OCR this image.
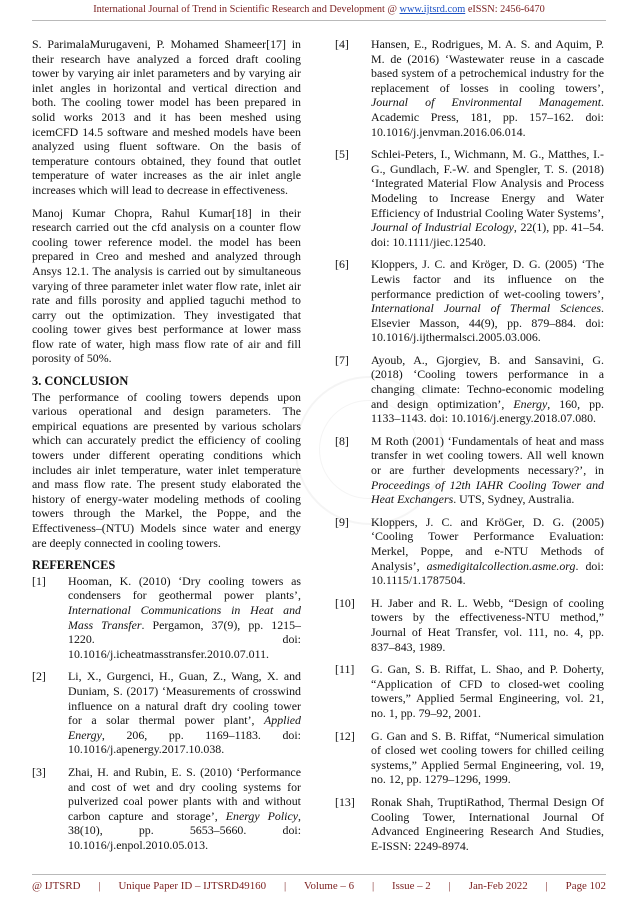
International Journal of Trend in Scientific Research and Development @ www.ijtsrd.com eISSN: 2456-6470

S. ParimalaMurugaveni, P. Mohamed Shameer[17] in their research have analyzed a forced draft cooling tower by varying air inlet parameters and by varying air inlet angles in horizontal and vertical direction and both. The cooling tower model has been prepared in solid works 2013 and it has been meshed using icemCFD 14.5 software and meshed models have been analyzed using fluent software. On the basis of temperature contours obtained, they found that outlet temperature of water increases as the air inlet angle increases which will lead to decrease in effectiveness.

Manoj Kumar Chopra, Rahul Kumar[18] in their research carried out the cfd analysis on a counter flow cooling tower reference model. the model has been prepared in Creo and meshed and analyzed through Ansys 12.1. The analysis is carried out by simultaneous varying of three parameter inlet water flow rate, inlet air rate and fills porosity and applied taguchi method to carry out the optimization. They investigated that cooling tower gives best performance at lower mass flow rate of water, high mass flow rate of air and fill porosity of 50%.

3. CONCLUSION

The performance of cooling towers depends upon various operational and design parameters. The empirical equations are presented by various scholars which can accurately predict the efficiency of cooling towers under different operating conditions which includes air inlet temperature, water inlet temperature and mass flow rate. The present study elaborated the history of energy-water modeling methods of cooling towers through the Markel, the Poppe, and the Effectiveness–(NTU) Models since water and energy are deeply connected in cooling towers.

REFERENCES
[1]	Hooman, K. (2010) ‘Dry cooling towers as condensers for geothermal power plants’, International Communications in Heat and Mass Transfer. Pergamon, 37(9), pp. 1215–1220. doi: 10.1016/j.icheatmasstransfer.2010.07.011.
[2]	Li, X., Gurgenci, H., Guan, Z., Wang, X. and Duniam, S. (2017) ‘Measurements of crosswind influence on a natural draft dry cooling tower for a solar thermal power plant’, Applied Energy, 206, pp. 1169–1183. doi: 10.1016/j.apenergy.2017.10.038.
[3]	Zhai, H. and Rubin, E. S. (2010) ‘Performance and cost of wet and dry cooling systems for pulverized coal power plants with and without carbon capture and storage’, Energy Policy, 38(10), pp. 5653–5660. doi: 10.1016/j.enpol.2010.05.013.
[4]	Hansen, E., Rodrigues, M. A. S. and Aquim, P. M. de (2016) ‘Wastewater reuse in a cascade based system of a petrochemical industry for the replacement of losses in cooling towers’, Journal of Environmental Management. Academic Press, 181, pp. 157–162. doi: 10.1016/j.jenvman.2016.06.014.
[5]	Schlei-Peters, I., Wichmann, M. G., Matthes, I.-G., Gundlach, F.-W. and Spengler, T. S. (2018) ‘Integrated Material Flow Analysis and Process Modeling to Increase Energy and Water Efficiency of Industrial Cooling Water Systems’, Journal of Industrial Ecology, 22(1), pp. 41–54. doi: 10.1111/jiec.12540.
[6]	Kloppers, J. C. and Kröger, D. G. (2005) ‘The Lewis factor and its influence on the performance prediction of wet-cooling towers’, International Journal of Thermal Sciences. Elsevier Masson, 44(9), pp. 879–884. doi: 10.1016/j.ijthermalsci.2005.03.006.
[7]	Ayoub, A., Gjorgiev, B. and Sansavini, G. (2018) ‘Cooling towers performance in a changing climate: Techno-economic modeling and design optimization’, Energy, 160, pp. 1133–1143. doi: 10.1016/j.energy.2018.07.080.
[8]	M Roth (2001) ‘Fundamentals of heat and mass transfer in wet cooling towers. All well known or are further developments necessary?’, in Proceedings of 12th IAHR Cooling Tower and Heat Exchangers. UTS, Sydney, Australia.
[9]	Kloppers, J. C. and KröGer, D. G. (2005) ‘Cooling Tower Performance Evaluation: Merkel, Poppe, and e-NTU Methods of Analysis’, asmedigitalcollection.asme.org. doi: 10.1115/1.1787504.
[10]	H. Jaber and R. L. Webb, “Design of cooling towers by the effectiveness-NTU method,” Journal of Heat Transfer, vol. 111, no. 4, pp. 837–843, 1989.
[11]	G. Gan, S. B. Riffat, L. Shao, and P. Doherty, “Application of CFD to closed-wet cooling towers,” Applied 5ermal Engineering, vol. 21, no. 1, pp. 79–92, 2001.
[12]	G. Gan and S. B. Riffat, “Numerical simulation of closed wet cooling towers for chilled ceiling systems,” Applied 5ermal Engineering, vol. 19, no. 12, pp. 1279–1296, 1999.
[13]	Ronak Shah, TruptiRathod, Thermal Design Of Cooling Tower, International Journal Of Advanced Engineering Research And Studies, E-ISSN: 2249-8974.
@ IJTSRD | Unique Paper ID – IJTSRD49160 | Volume – 6 | Issue – 2 | Jan-Feb 2022 | Page 102
